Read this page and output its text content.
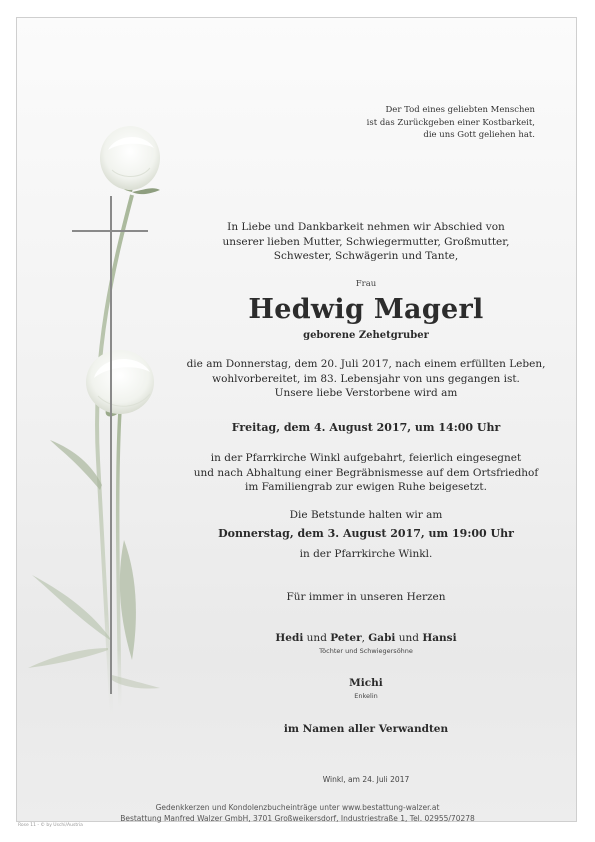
Der Tod eines geliebten Menschen
ist das Zurückgeben einer Kostbarkeit,
die uns Gott geliehen hat.
In Liebe und Dankbarkeit nehmen wir Abschied von
unserer lieben Mutter, Schwiegermutter, Großmutter,
Schwester, Schwägerin und Tante,
Frau
Hedwig Magerl
geborene Zehetgruber
die am Donnerstag, dem 20. Juli 2017, nach einem erfüllten Leben,
wohlvorbereitet, im 83. Lebensjahr von uns gegangen ist.
Unsere liebe Verstorbene wird am
Freitag, dem 4. August 2017, um 14:00 Uhr
in der Pfarrkirche Winkl aufgebahrt, feierlich eingesegnet
und nach Abhaltung einer Begräbnismesse auf dem Ortsfriedhof
im Familiengrab zur ewigen Ruhe beigesetzt.
Die Betstunde halten wir am
Donnerstag, dem 3. August 2017, um 19:00 Uhr
in der Pfarrkirche Winkl.
Für immer in unseren Herzen
Hedi und Peter, Gabi und Hansi
Töchter und Schwiegersöhne
Michi
Enkelin
im Namen aller Verwandten
Winkl, am 24. Juli 2017
Gedenkkerzen und Kondolenzbucheinträge unter www.bestattung-walzer.at
Bestattung Manfred Walzer GmbH, 3701 Großweikersdorf, Industriestraße 1, Tel. 02955/70278
Rose 11 - © by Uschi/Austria
